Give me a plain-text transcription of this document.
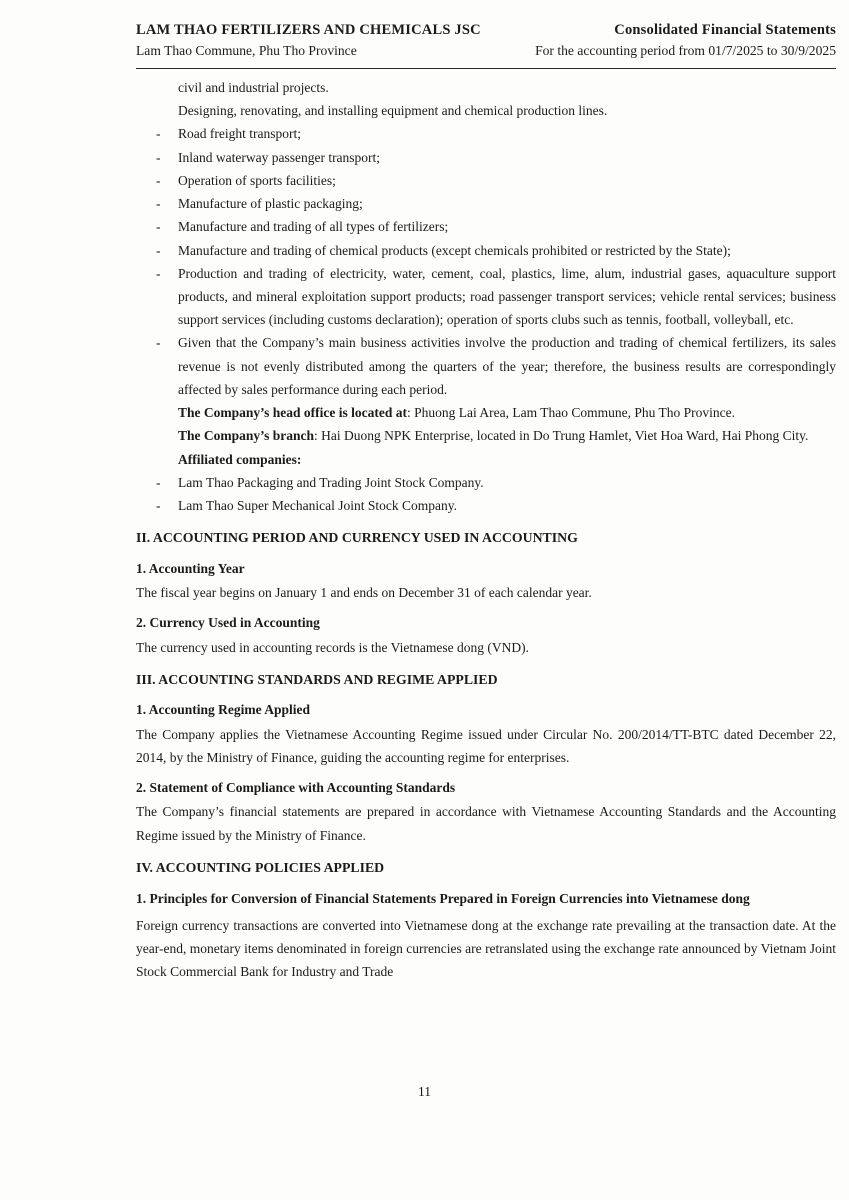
LAM THAO FERTILIZERS AND CHEMICALS JSC	Consolidated Financial Statements
Lam Thao Commune, Phu Tho Province	For the accounting period from 01/7/2025 to 30/9/2025

civil and industrial projects.

Designing, renovating, and installing equipment and chemical production lines.

-	Road freight transport;
-	Inland waterway passenger transport;
-	Operation of sports facilities;
-	Manufacture of plastic packaging;
-	Manufacture and trading of all types of fertilizers;
-	Manufacture and trading of chemical products (except chemicals prohibited or restricted by the State);
-	Production and trading of electricity, water, cement, coal, plastics, lime, alum, industrial gases, aquaculture support products, and mineral exploitation support products; road passenger transport services; vehicle rental services; business support services (including customs declaration); operation of sports clubs such as tennis, football, volleyball, etc.
-	Given that the Company’s main business activities involve the production and trading of chemical fertilizers, its sales revenue is not evenly distributed among the quarters of the year; therefore, the business results are correspondingly affected by sales performance during each period.

The Company’s head office is located at: Phuong Lai Area, Lam Thao Commune, Phu Tho Province.

The Company’s branch: Hai Duong NPK Enterprise, located in Do Trung Hamlet, Viet Hoa Ward, Hai Phong City.

Affiliated companies:

-	Lam Thao Packaging and Trading Joint Stock Company.
-	Lam Thao Super Mechanical Joint Stock Company.

II. ACCOUNTING PERIOD AND CURRENCY USED IN ACCOUNTING

1. Accounting Year

The fiscal year begins on January 1 and ends on December 31 of each calendar year.

2. Currency Used in Accounting

The currency used in accounting records is the Vietnamese dong (VND).

III. ACCOUNTING STANDARDS AND REGIME APPLIED

1. Accounting Regime Applied

The Company applies the Vietnamese Accounting Regime issued under Circular No. 200/2014/TT-BTC dated December 22, 2014, by the Ministry of Finance, guiding the accounting regime for enterprises.

2. Statement of Compliance with Accounting Standards

The Company’s financial statements are prepared in accordance with Vietnamese Accounting Standards and the Accounting Regime issued by the Ministry of Finance.

IV. ACCOUNTING POLICIES APPLIED

1. Principles for Conversion of Financial Statements Prepared in Foreign Currencies into Vietnamese dong

Foreign currency transactions are converted into Vietnamese dong at the exchange rate prevailing at the transaction date. At the year-end, monetary items denominated in foreign currencies are retranslated using the exchange rate announced by Vietnam Joint Stock Commercial Bank for Industry and Trade

11
